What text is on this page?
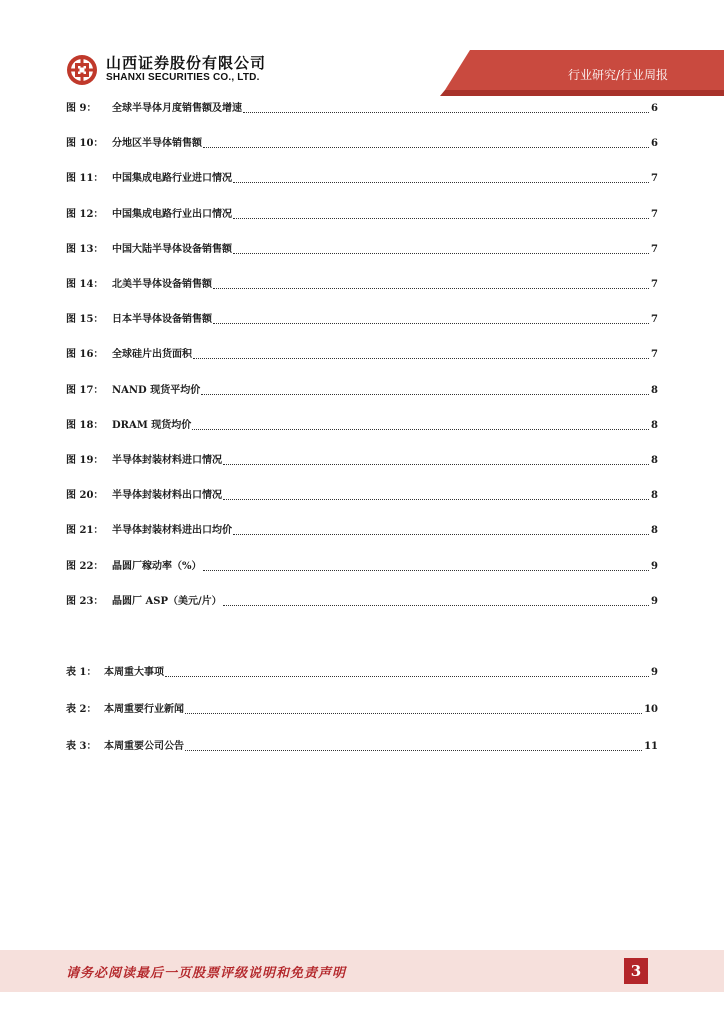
山西证券股份有限公司
SHANXI SECURITIES CO., LTD.	行业研究/行业周报
图 9：	全球半导体月度销售额及增速	6
图 10： 分地区半导体销售额	6
图 11： 中国集成电路行业进口情况	7
图 12： 中国集成电路行业出口情况	7
图 13： 中国大陆半导体设备销售额	7
图 14： 北美半导体设备销售额	7
图 15： 日本半导体设备销售额	7
图 16： 全球硅片出货面积	7
图 17： NAND 现货平均价	8
图 18： DRAM 现货均价	8
图 19： 半导体封装材料进口情况	8
图 20： 半导体封装材料出口情况	8
图 21： 半导体封装材料进出口均价	8
图 22： 晶圆厂稼动率（%）	9
图 23： 晶圆厂 ASP（美元/片）	9
表 1： 本周重大事项	9
表 2： 本周重要行业新闻	10
表 3： 本周重要公司公告	11
请务必阅读最后一页股票评级说明和免责声明	3
